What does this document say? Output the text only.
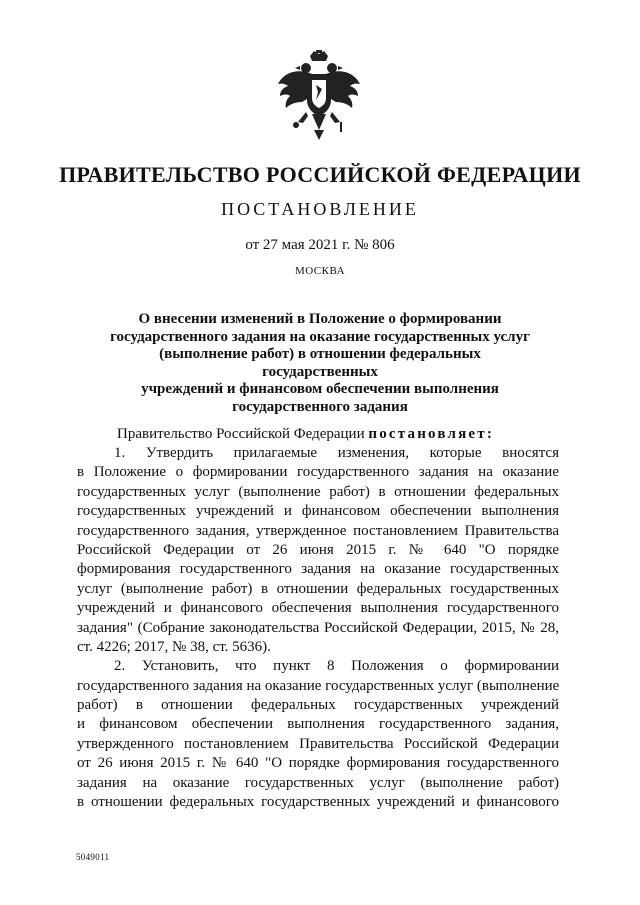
ПРАВИТЕЛЬСТВО РОССИЙСКОЙ ФЕДЕРАЦИИ
ПОСТАНОВЛЕНИЕ
от 27 мая 2021 г. № 806
МОСКВА
О внесении изменений в Положение о формировании
государственного задания на оказание государственных услуг
(выполнение работ) в отношении федеральных государственных
учреждений и финансовом обеспечении выполнения
государственного задания
Правительство Российской Федерации постановляет:
1. Утвердить прилагаемые изменения, которые вносятся
в Положение о формировании государственного задания на оказание
государственных услуг (выполнение работ) в отношении федеральных
государственных учреждений и финансовом обеспечении выполнения
государственного задания, утвержденное постановлением Правительства
Российской Федерации от 26 июня 2015 г. № 640 "О порядке
формирования государственного задания на оказание государственных
услуг (выполнение работ) в отношении федеральных государственных
учреждений и финансового обеспечения выполнения государственного
задания" (Собрание законодательства Российской Федерации, 2015, № 28,
ст. 4226; 2017, № 38, ст. 5636).
2. Установить, что пункт 8 Положения о формировании
государственного задания на оказание государственных услуг (выполнение
работ) в отношении федеральных государственных учреждений
и финансовом обеспечении выполнения государственного задания,
утвержденного постановлением Правительства Российской Федерации
от 26 июня 2015 г. № 640 "О порядке формирования государственного
задания на оказание государственных услуг (выполнение работ)
в отношении федеральных государственных учреждений и финансового
5049011
